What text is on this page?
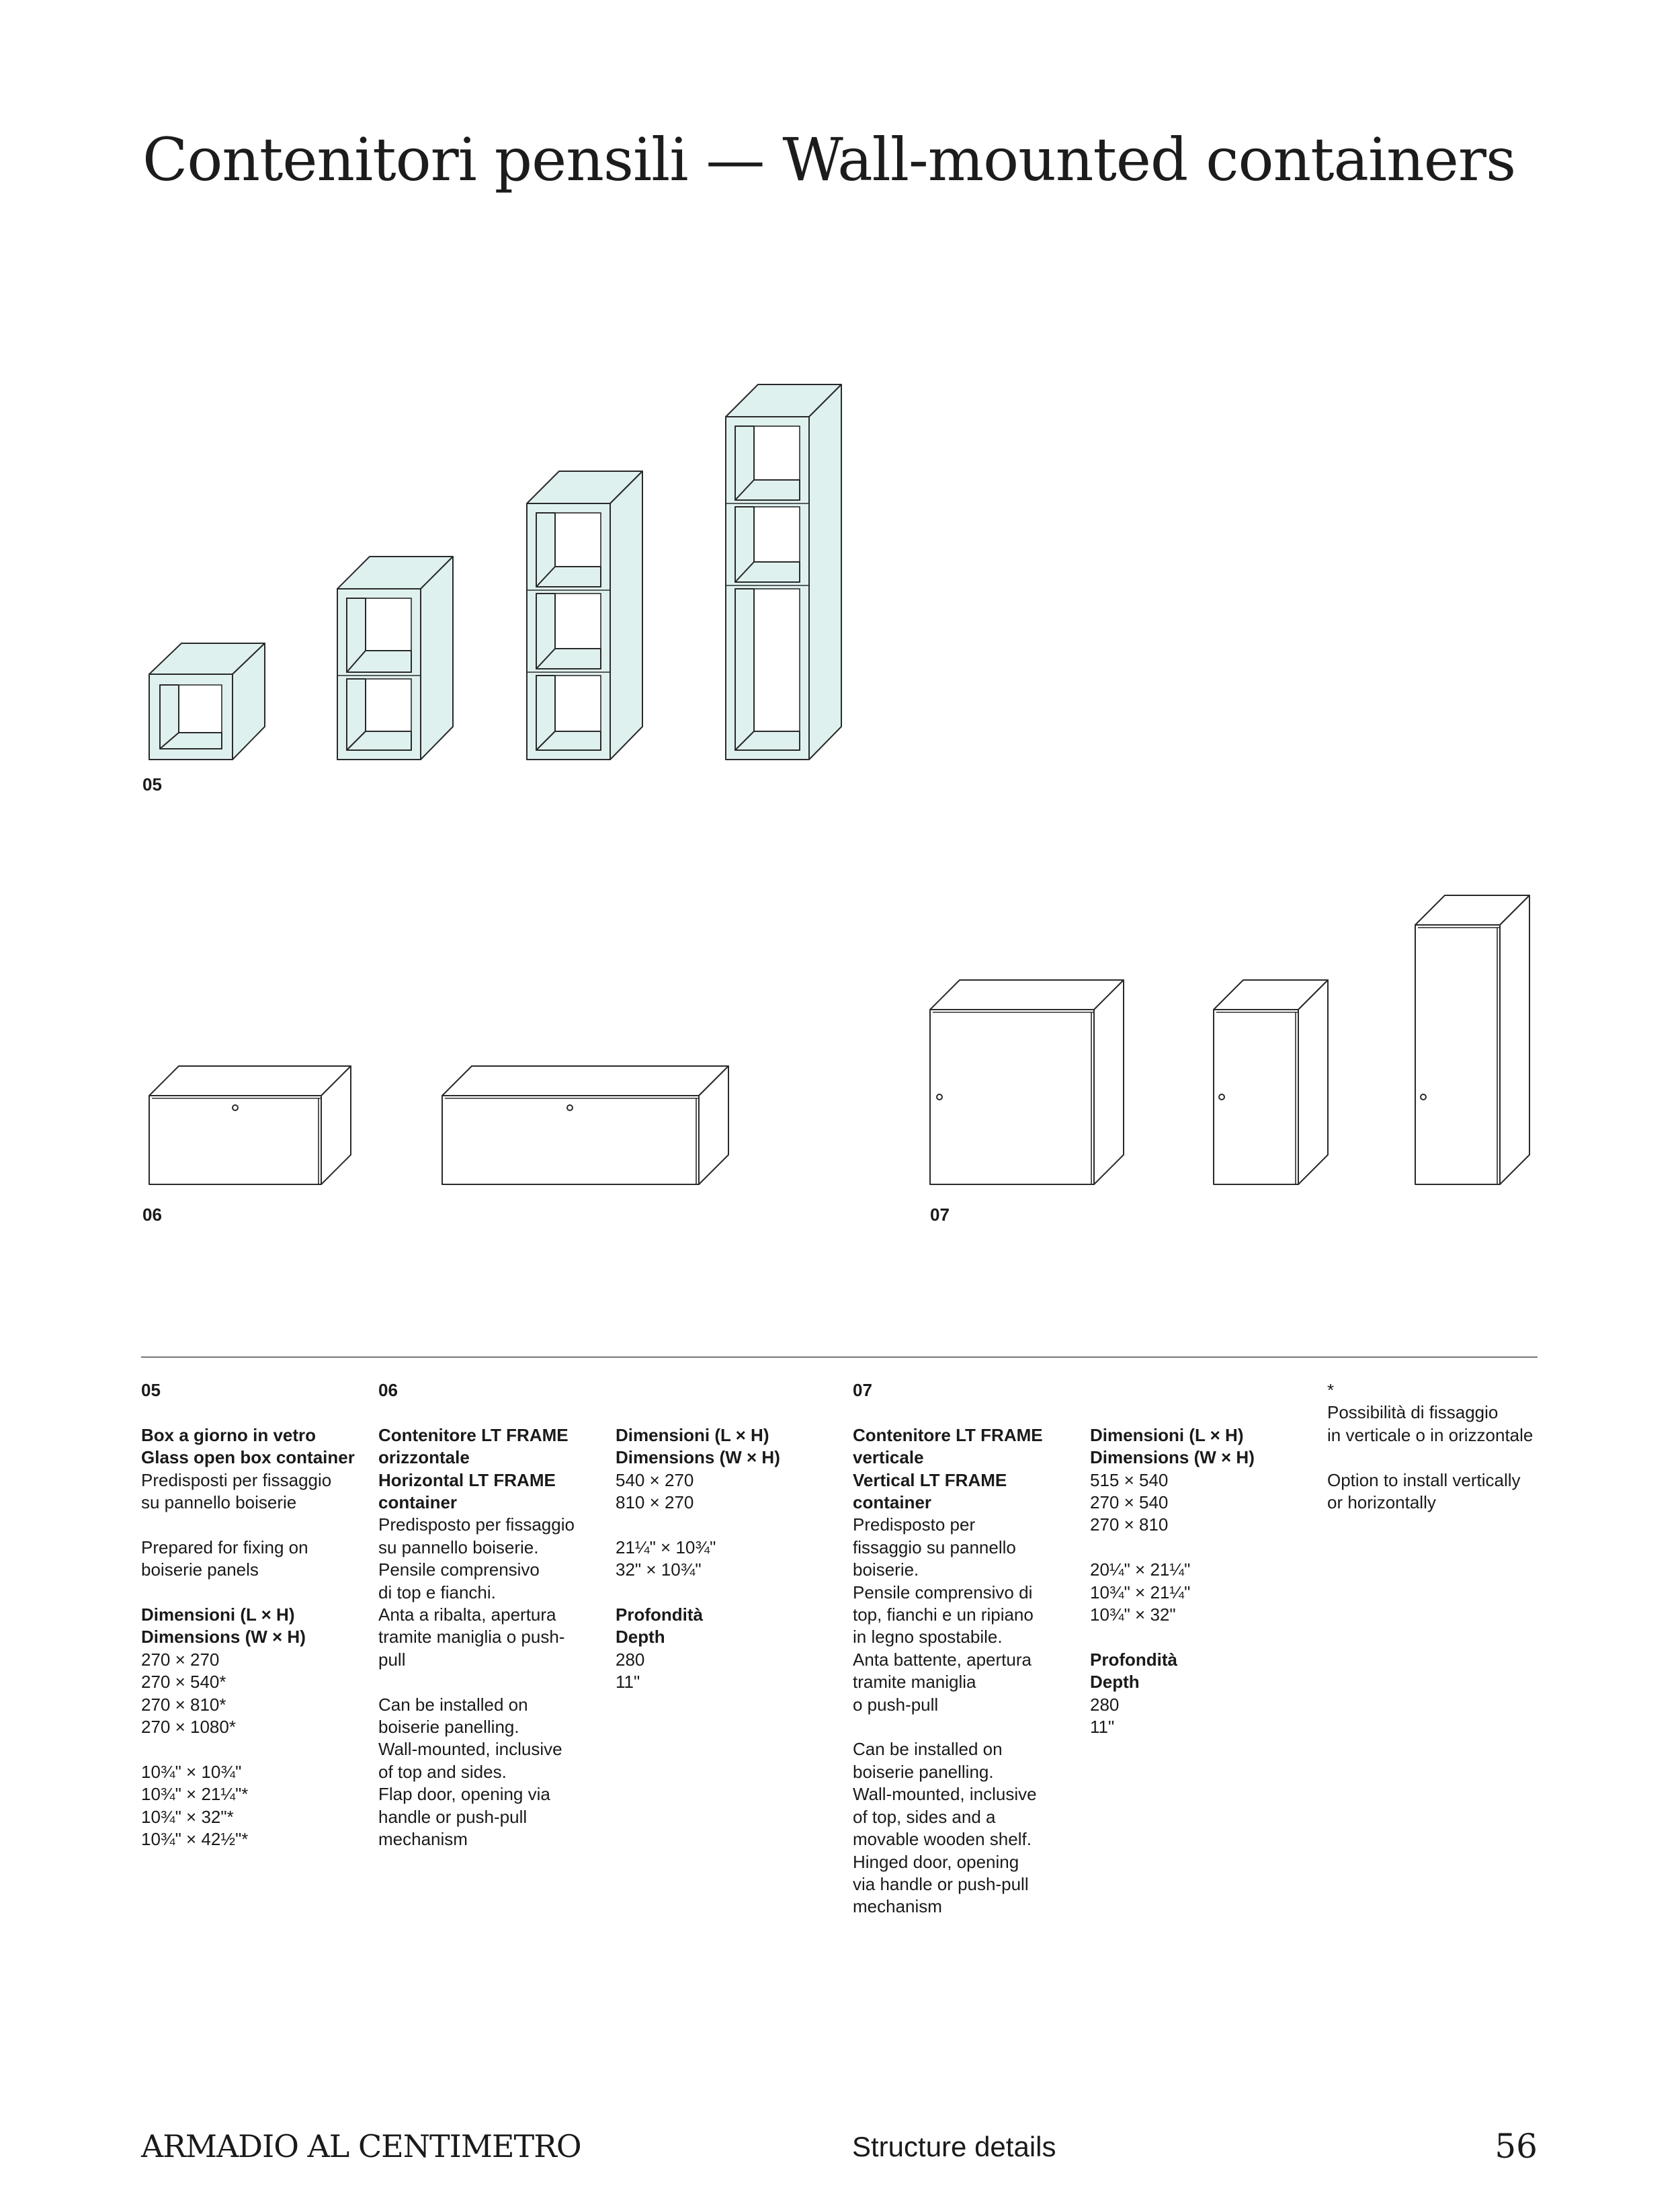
Contenitori pensili — Wall-mounted containers
05
06	07
05
Box a giorno in vetro
Glass open box container
Predisposti per fissaggio
su pannello boiserie
Prepared for fixing on
boiserie panels
Dimensioni (L × H)
Dimensions (W × H)
270 × 270
270 × 540*
270 × 810*
270 × 1080*
10¾" × 10¾"
10¾" × 21¼"*
10¾" × 32"*
10¾" × 42½"*
06
Contenitore LT FRAME
orizzontale
Horizontal LT FRAME
container
Predisposto per fissaggio
su pannello boiserie.
Pensile comprensivo
di top e fianchi.
Anta a ribalta, apertura
tramite maniglia o push-
pull
Can be installed on
boiserie panelling.
Wall-mounted, inclusive
of top and sides.
Flap door, opening via
handle or push-pull
mechanism
Dimensioni (L × H)
Dimensions (W × H)
540 × 270
810 × 270
21¼" × 10¾"
32" × 10¾"
Profondità
Depth
280
11"
07
Contenitore LT FRAME
verticale
Vertical LT FRAME
container
Predisposto per
fissaggio su pannello
boiserie.
Pensile comprensivo di
top, fianchi e un ripiano
in legno spostabile.
Anta battente, apertura
tramite maniglia
o push-pull
Can be installed on
boiserie panelling.
Wall-mounted, inclusive
of top, sides and a
movable wooden shelf.
Hinged door, opening
via handle or push-pull
mechanism
Dimensioni (L × H)
Dimensions (W × H)
515 × 540
270 × 540
270 × 810
20¼" × 21¼"
10¾" × 21¼"
10¾" × 32"
Profondità
Depth
280
11"
*
Possibilità di fissaggio
in verticale o in orizzontale
Option to install vertically
or horizontally
ARMADIO AL CENTIMETRO	Structure details	56
